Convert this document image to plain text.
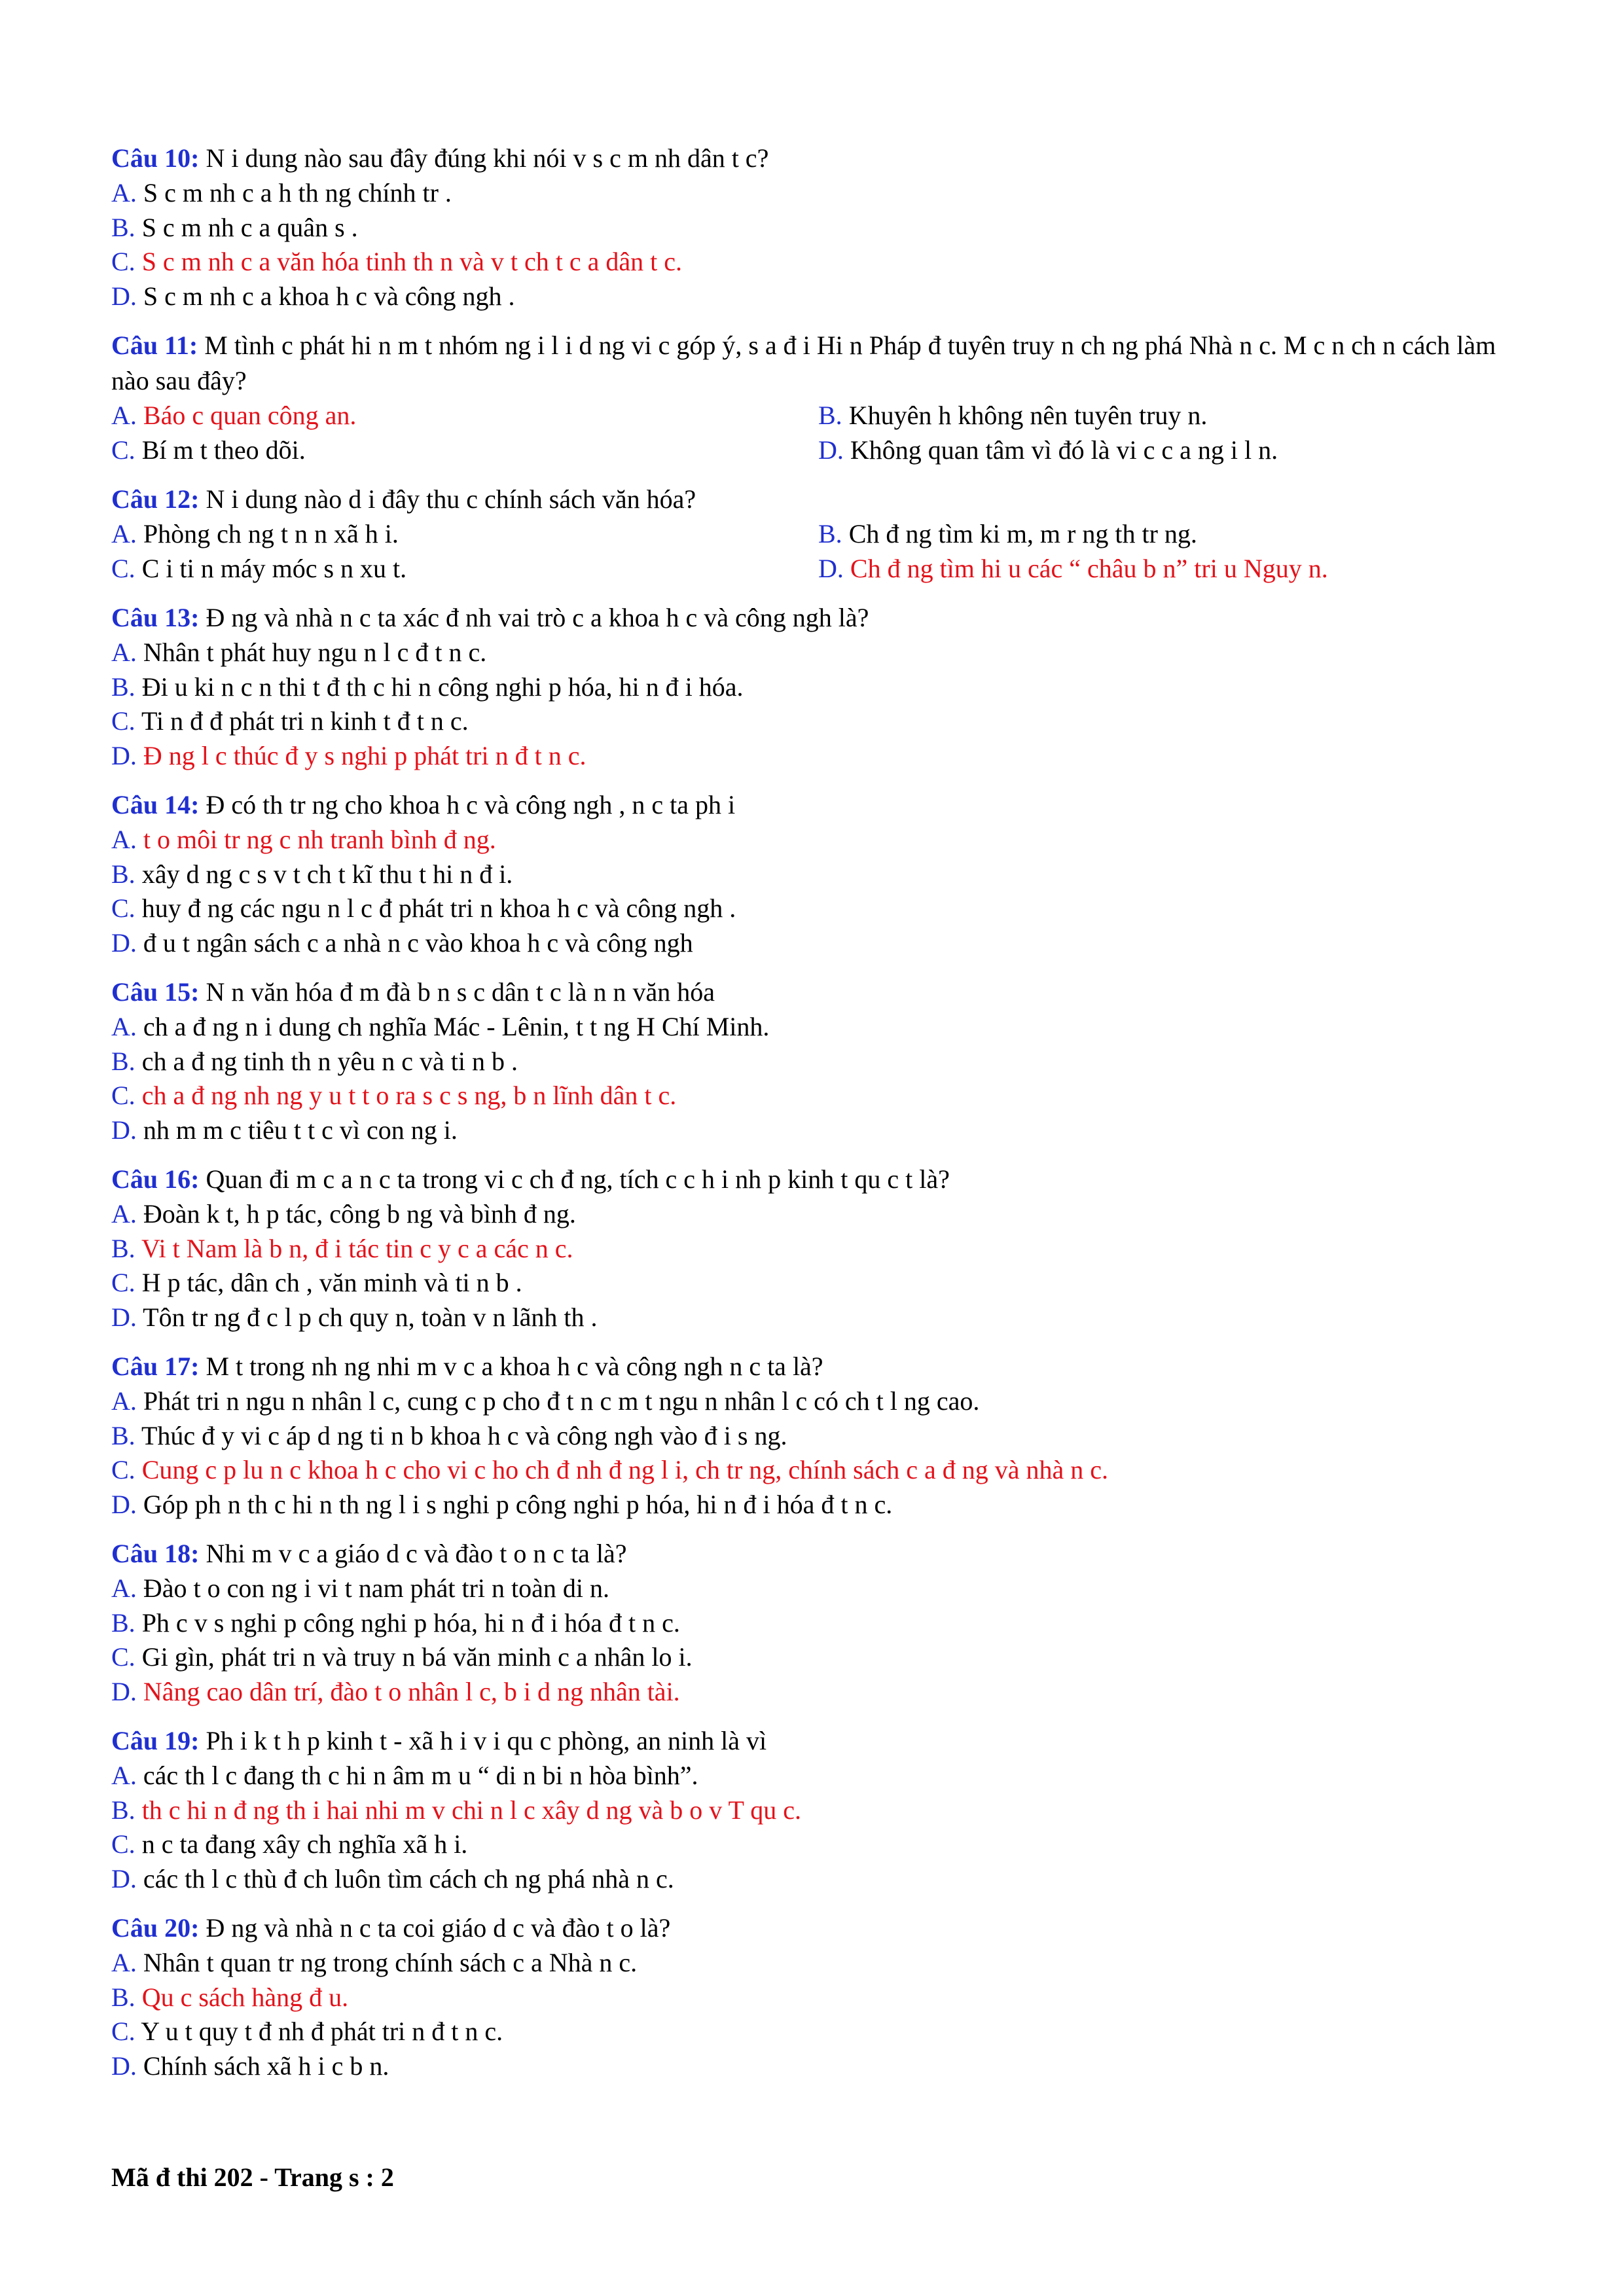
Câu 10: N i dung nào sau đây đúng khi nói v s c m nh dân t c?

A. S c m nh c a h th ng chính tr .

B. S c m nh c a quân s .

C. S c m nh c a văn hóa tinh th n và v t ch t c a dân t c.

D. S c m nh c a khoa h c và công ngh .

Câu 11: M tình c phát hi n m t nhóm ng i l i d ng vi c góp ý, s a đ i Hi n Pháp đ tuyên truy n ch ng phá Nhà n c. M c n ch n cách làm nào sau đây?

A. Báo c quan công an.	B. Khuyên h không nên tuyên truy n.

C. Bí m t theo dõi.	D. Không quan tâm vì đó là vi c c a ng i l n.

Câu 12: N i dung nào d i đây thu c chính sách văn hóa?

A. Phòng ch ng t n n xã h i.	B. Ch đ ng tìm ki m, m r ng th tr ng.

C. C i ti n máy móc s n xu t.	D. Ch đ ng tìm hi u các “ châu b n” tri u Nguy n.

Câu 13: Đ ng và nhà n c ta xác đ nh vai trò c a khoa h c và công ngh là?

A. Nhân t phát huy ngu n l c đ t n c.

B. Đi u ki n c n thi t đ th c hi n công nghi p hóa, hi n đ i hóa.

C. Ti n đ đ phát tri n kinh t đ t n c.

D. Đ ng l c thúc đ y s nghi p phát tri n đ t n c.

Câu 14: Đ có th tr ng cho khoa h c và công ngh , n c ta ph i

A. t o môi tr ng c nh tranh bình đ ng.

B. xây d ng c s v t ch t kĩ thu t hi n đ i.

C. huy đ ng các ngu n l c đ phát tri n khoa h c và công ngh .

D. đ u t ngân sách c a nhà n c vào khoa h c và công ngh

Câu 15: N n văn hóa đ m đà b n s c dân t c là n n văn hóa

A. ch a đ ng n i dung ch nghĩa Mác - Lênin, t t ng H Chí Minh.

B. ch a đ ng tinh th n yêu n c và ti n b .

C. ch a đ ng nh ng y u t t o ra s c s ng, b n lĩnh dân t c.

D. nh m m c tiêu t t c vì con ng i.

Câu 16: Quan đi m c a n c ta trong vi c ch đ ng, tích c c h i nh p kinh t qu c t là?

A. Đoàn k t, h p tác, công b ng và bình đ ng.

B. Vi t Nam là b n, đ i tác tin c y c a các n c.

C. H p tác, dân ch , văn minh và ti n b .

D. Tôn tr ng đ c l p ch quy n, toàn v n lãnh th .

Câu 17: M t trong nh ng nhi m v c a khoa h c và công ngh n c ta là?

A. Phát tri n ngu n nhân l c, cung c p cho đ t n c m t ngu n nhân l c có ch t l ng cao.

B. Thúc đ y vi c áp d ng ti n b khoa h c và công ngh vào đ i s ng.

C. Cung c p lu n c khoa h c cho vi c ho ch đ nh đ ng l i, ch tr ng, chính sách c a đ ng và nhà n c.

D. Góp ph n th c hi n th ng l i s nghi p công nghi p hóa, hi n đ i hóa đ t n c.

Câu 18: Nhi m v c a giáo d c và đào t o n c ta là?

A. Đào t o con ng i vi t nam phát tri n toàn di n.

B. Ph c v s nghi p công nghi p hóa, hi n đ i hóa đ t n c.

C. Gi gìn, phát tri n và truy n bá văn minh c a nhân lo i.

D. Nâng cao dân trí, đào t o nhân l c, b i d ng nhân tài.

Câu 19: Ph i k t h p kinh t - xã h i v i qu c phòng, an ninh là vì

A. các th l c đang th c hi n âm m u “ di n bi n hòa bình”.

B. th c hi n đ ng th i hai nhi m v chi n l c xây d ng và b o v T qu c.

C. n c ta đang xây ch nghĩa xã h i.

D. các th l c thù đ ch luôn tìm cách ch ng phá nhà n c.

Câu 20: Đ ng và nhà n c ta coi giáo d c và đào t o là?

A. Nhân t quan tr ng trong chính sách c a Nhà n c.

B. Qu c sách hàng đ u.

C. Y u t quy t đ nh đ phát tri n đ t n c.

D. Chính sách xã h i c b n.

Mã đ thi 202 - Trang s : 2
